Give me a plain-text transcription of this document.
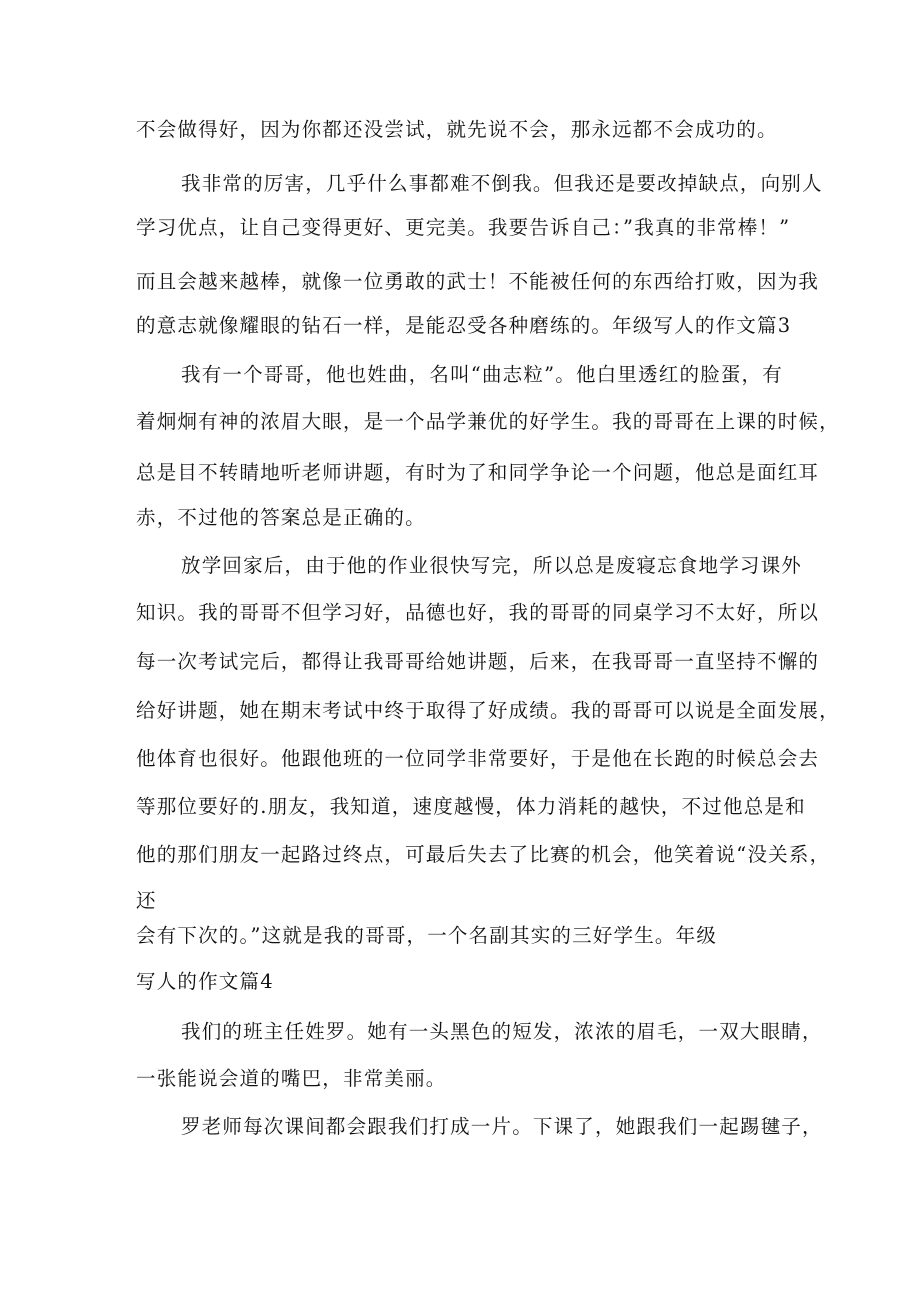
不会做得好，因为你都还没尝试，就先说不会，那永远都不会成功的。
我非常的厉害，几乎什么事都难不倒我。但我还是要改掉缺点，向别人
学习优点，让自己变得更好、更完美。我要告诉自己：”我真的非常棒！”
而且会越来越棒，就像一位勇敢的武士！不能被任何的东西给打败，因为我
的意志就像耀眼的钻石一样，是能忍受各种磨练的。年级写人的作文篇3
我有一个哥哥，他也姓曲，名叫“曲志粒”。他白里透红的脸蛋，有
着炯炯有神的浓眉大眼，是一个品学兼优的好学生。我的哥哥在上课的时候，
总是目不转睛地听老师讲题，有时为了和同学争论一个问题，他总是面红耳
赤，不过他的答案总是正确的。
放学回家后，由于他的作业很快写完，所以总是废寝忘食地学习课外
知识。我的哥哥不但学习好，品德也好，我的哥哥的同桌学习不太好，所以
每一次考试完后，都得让我哥哥给她讲题，后来，在我哥哥一直坚持不懈的
给好讲题，她在期末考试中终于取得了好成绩。我的哥哥可以说是全面发展，
他体育也很好。他跟他班的一位同学非常要好，于是他在长跑的时候总会去
等那位要好的.朋友，我知道，速度越慢，体力消耗的越快，不过他总是和
他的那们朋友一起路过终点，可最后失去了比赛的机会，他笑着说“没关系，
还
会有下次的。”这就是我的哥哥，一个名副其实的三好学生。年级
写人的作文篇4
我们的班主任姓罗。她有一头黑色的短发，浓浓的眉毛，一双大眼睛，
一张能说会道的嘴巴，非常美丽。
罗老师每次课间都会跟我们打成一片。下课了，她跟我们一起踢毽子，
